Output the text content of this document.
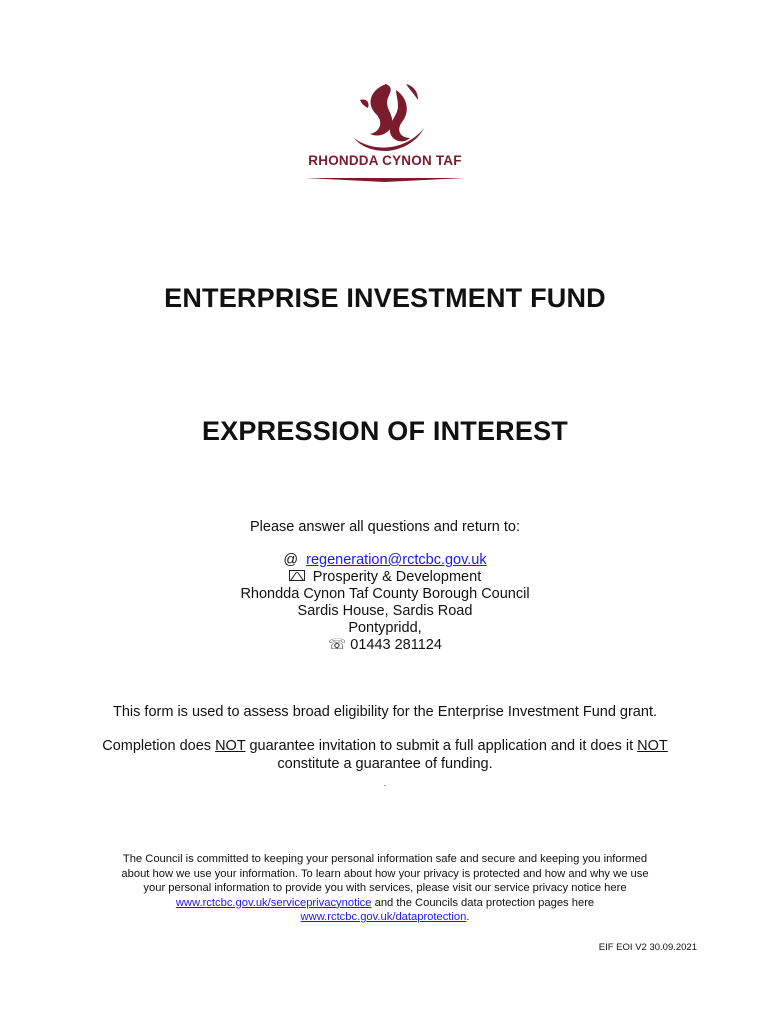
RHONDDA CYNON TAF
ENTERPRISE INVESTMENT FUND
EXPRESSION OF INTEREST
Please answer all questions and return to:
@ regeneration@rctcbc.gov.uk
Prosperity & Development
Rhondda Cynon Taf County Borough Council
Sardis House, Sardis Road
Pontypridd,
☏ 01443 281124
This form is used to assess broad eligibility for the Enterprise Investment Fund grant.
Completion does NOT guarantee invitation to submit a full application and it does it NOT
constitute a guarantee of funding.
.
The Council is committed to keeping your personal information safe and secure and keeping you informed
about how we use your information. To learn about how your privacy is protected and how and why we use
your personal information to provide you with services, please visit our service privacy notice here
www.rctcbc.gov.uk/serviceprivacynotice and the Councils data protection pages here
www.rctcbc.gov.uk/dataprotection.
EIF EOI V2 30.09.2021
